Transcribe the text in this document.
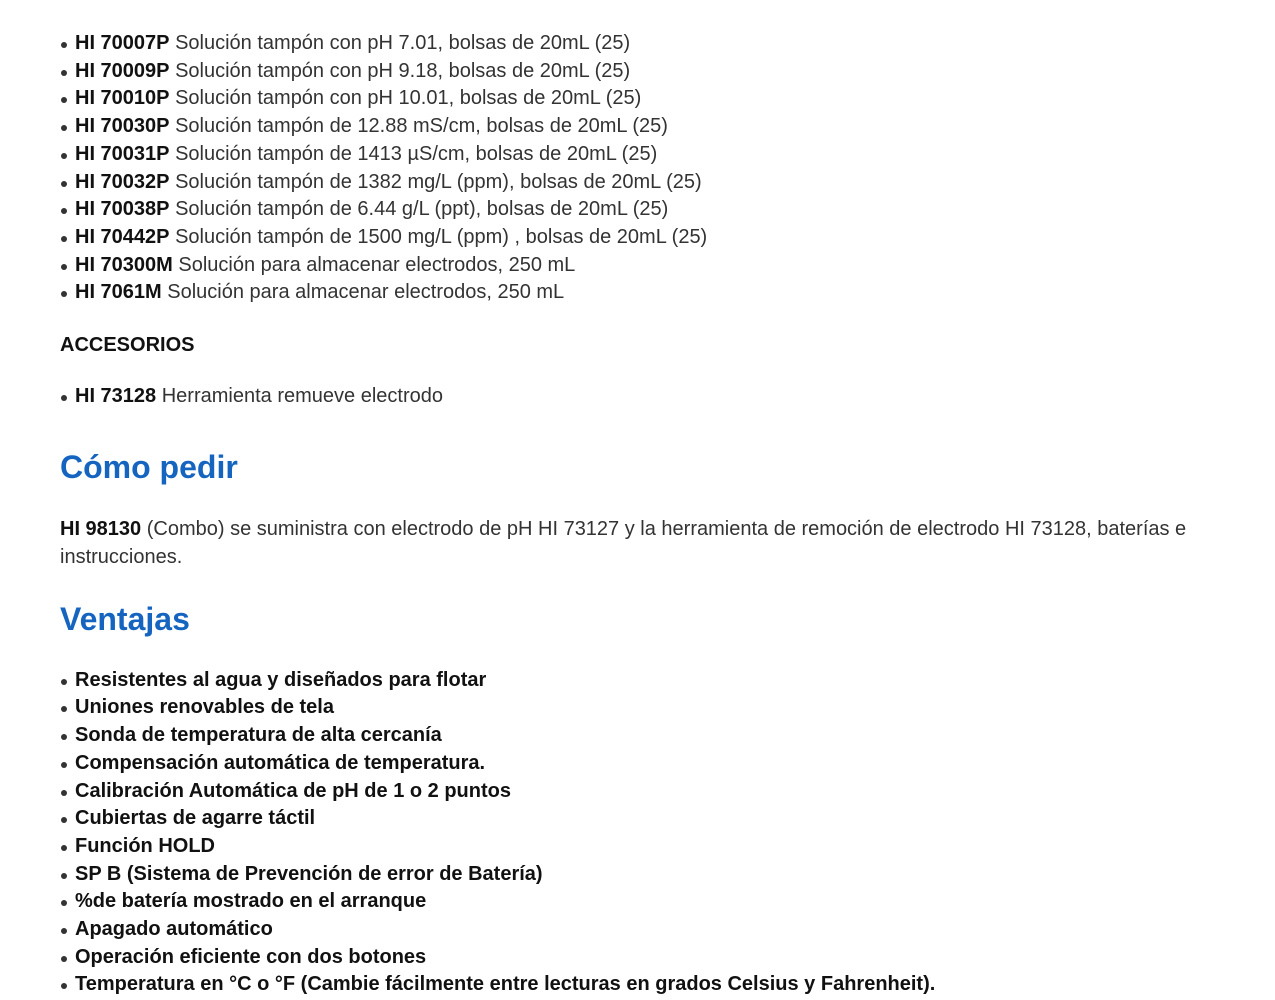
HI 70007P Solución tampón con pH 7.01, bolsas de 20mL (25)
HI 70009P Solución tampón con pH 9.18, bolsas de 20mL (25)
HI 70010P Solución tampón con pH 10.01, bolsas de 20mL (25)
HI 70030P Solución tampón de 12.88 mS/cm, bolsas de 20mL (25)
HI 70031P Solución tampón de 1413 µS/cm, bolsas de 20mL (25)
HI 70032P Solución tampón de 1382 mg/L (ppm), bolsas de 20mL (25)
HI 70038P Solución tampón de 6.44 g/L (ppt), bolsas de 20mL (25)
HI 70442P Solución tampón de 1500 mg/L (ppm) , bolsas de 20mL (25)
HI 70300M Solución para almacenar electrodos, 250 mL
HI 7061M Solución para almacenar electrodos, 250 mL
ACCESORIOS
HI 73128 Herramienta remueve electrodo
Cómo pedir

HI 98130 (Combo) se suministra con electrodo de pH HI 73127 y la herramienta de remoción de electrodo HI 73128, baterías e instrucciones.

Ventajas
Resistentes al agua y diseñados para flotar
Uniones renovables de tela
Sonda de temperatura de alta cercanía
Compensación automática de temperatura.
Calibración Automática de pH de 1 o 2 puntos
Cubiertas de agarre táctil
Función HOLD
SP B (Sistema de Prevención de error de Batería)
%de batería mostrado en el arranque
Apagado automático
Operación eficiente con dos botones
Temperatura en °C o °F (Cambie fácilmente entre lecturas en grados Celsius y Fahrenheit).
